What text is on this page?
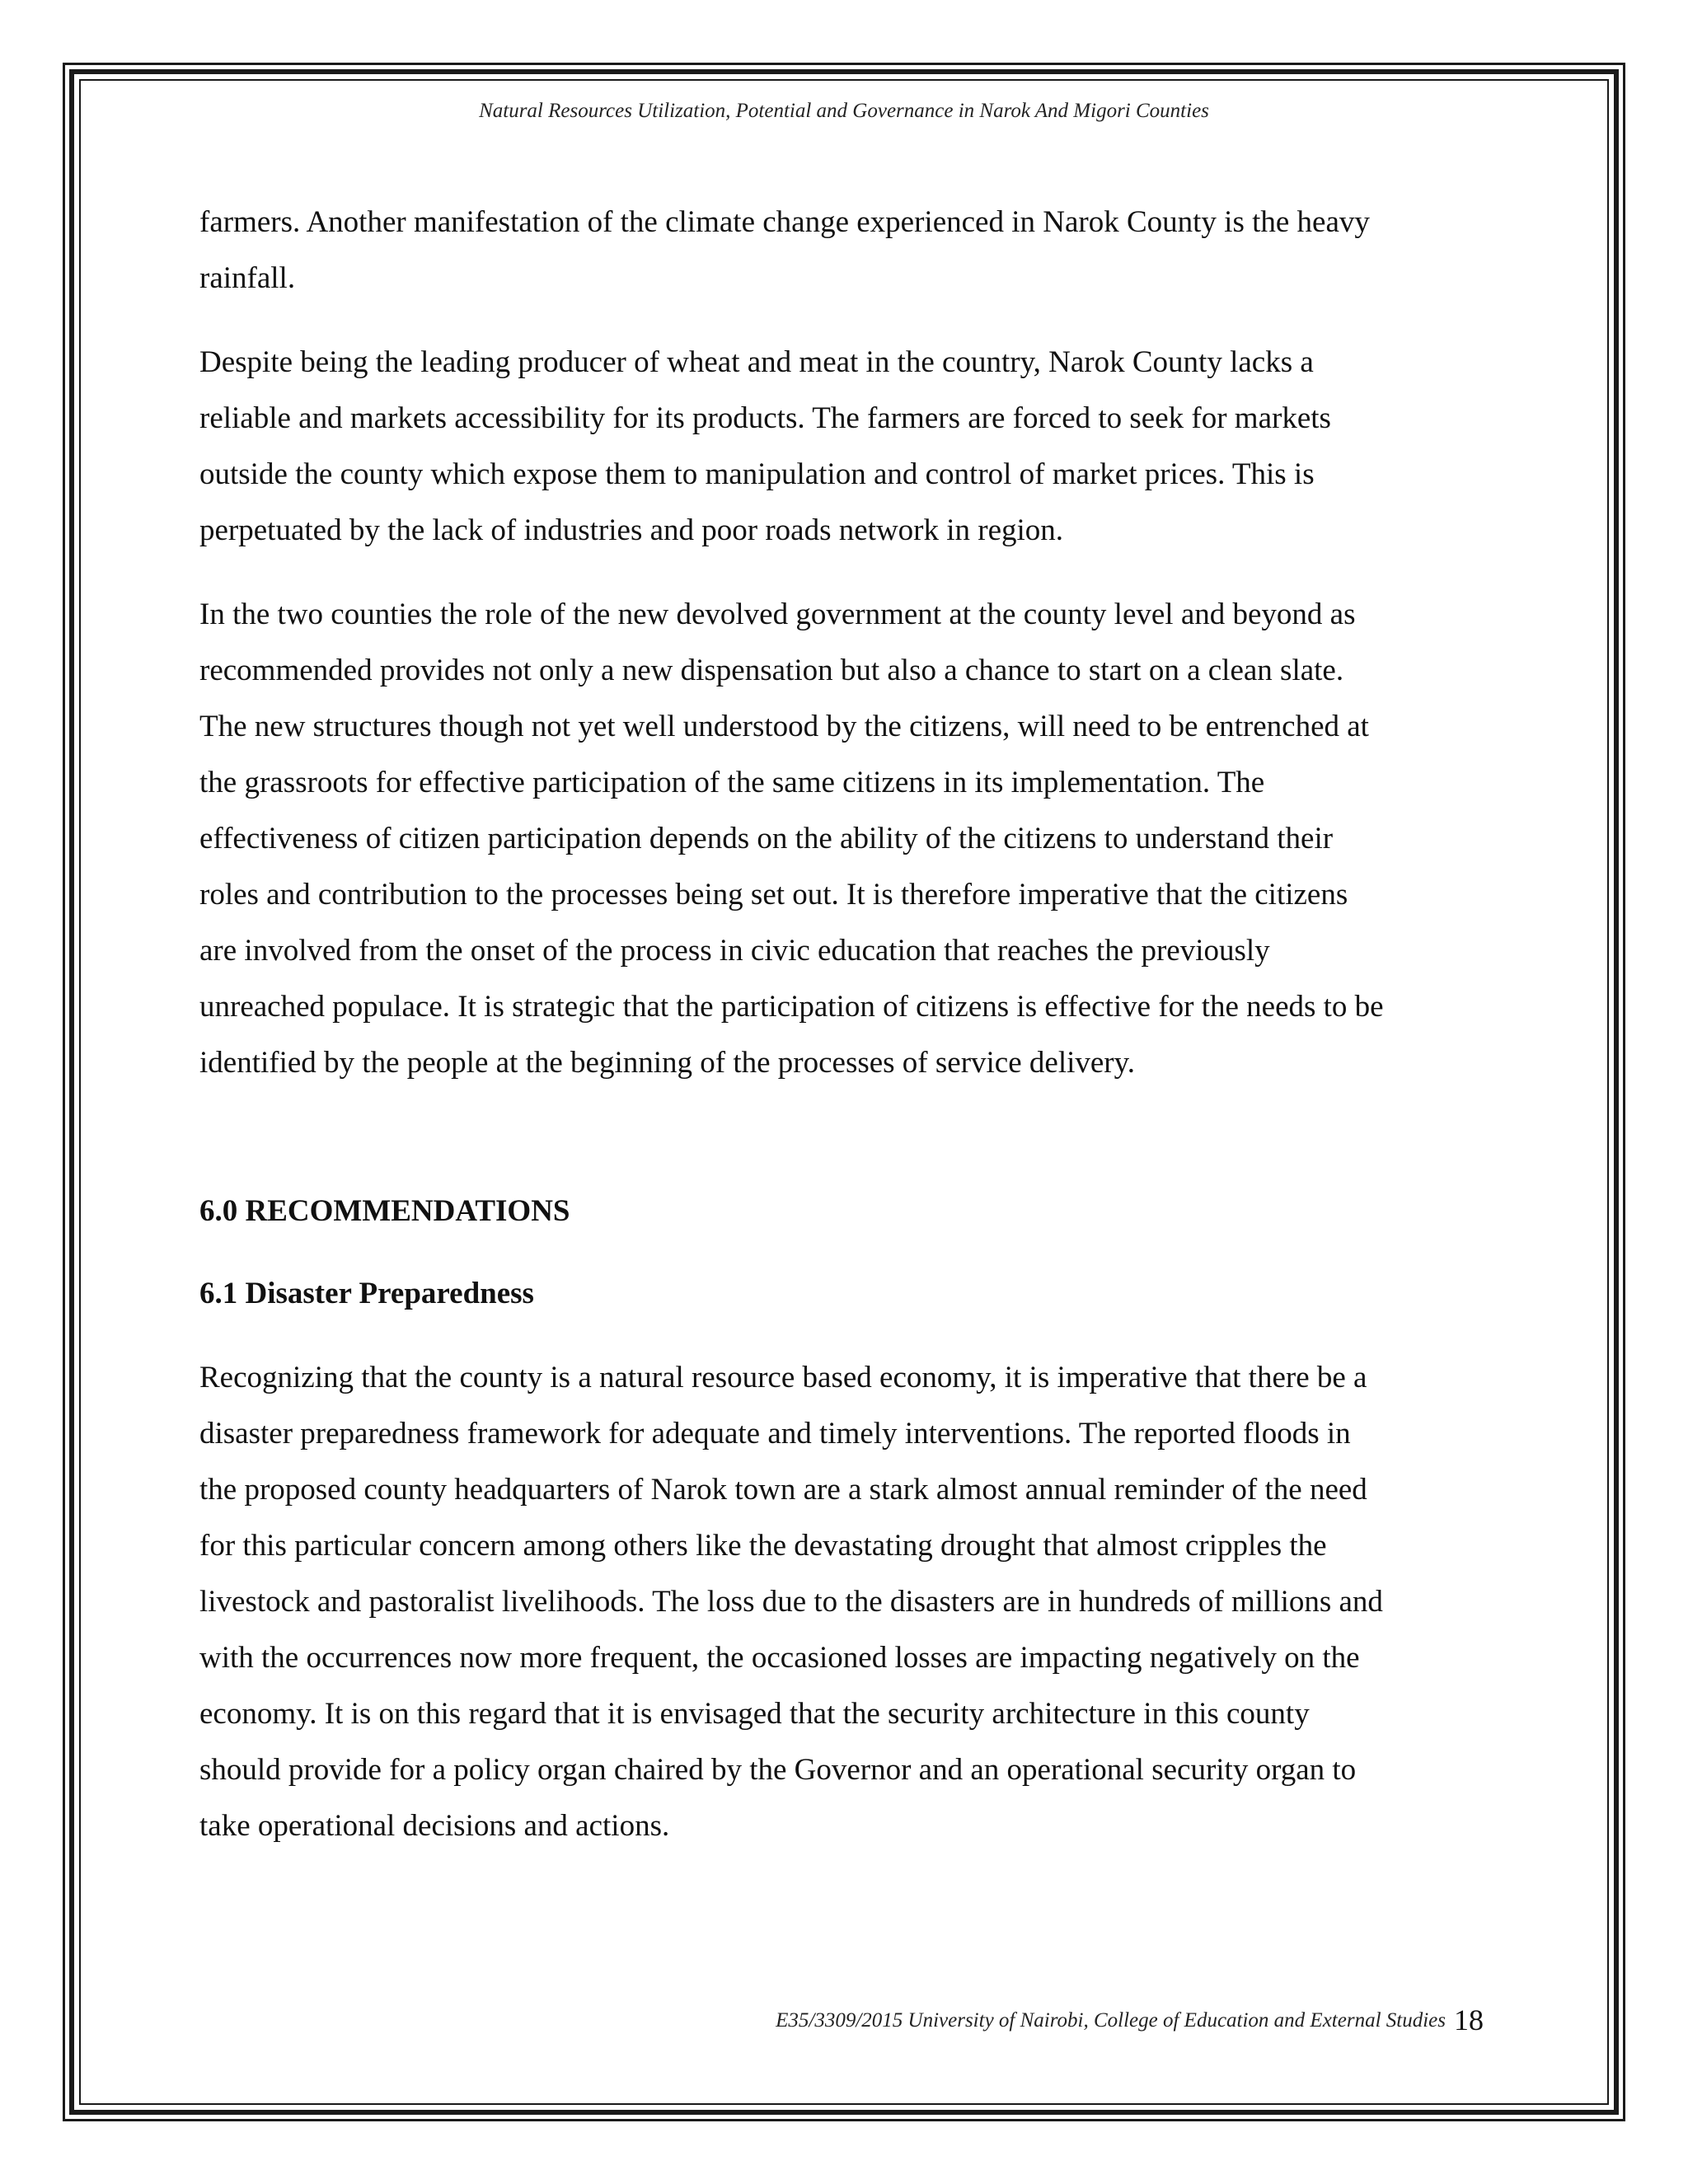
Natural Resources Utilization, Potential and Governance in Narok And Migori Counties
farmers. Another manifestation of the climate change experienced in Narok County is the heavy
rainfall.
Despite being the leading producer of wheat and meat in the country, Narok County lacks a
reliable and markets accessibility for its products. The farmers are forced to seek for markets
outside the county which expose them to manipulation and control of market prices. This is
perpetuated by the lack of industries and poor roads network in region.
In the two counties the role of the new devolved government at the county level and beyond as
recommended provides not only a new dispensation but also a chance to start on a clean slate.
The new structures though not yet well understood by the citizens, will need to be entrenched at
the grassroots for effective participation of the same citizens in its implementation. The
effectiveness of citizen participation depends on the ability of the citizens to understand their
roles and contribution to the processes being set out. It is therefore imperative that the citizens
are involved from the onset of the process in civic education that reaches the previously
unreached populace. It is strategic that the participation of citizens is effective for the needs to be
identified by the people at the beginning of the processes of service delivery.
6.0 RECOMMENDATIONS
6.1 Disaster Preparedness
Recognizing that the county is a natural resource based economy, it is imperative that there be a
disaster preparedness framework for adequate and timely interventions. The reported floods in
the proposed county headquarters of Narok town are a stark almost annual reminder of the need
for this particular concern among others like the devastating drought that almost cripples the
livestock and pastoralist livelihoods. The loss due to the disasters are in hundreds of millions and
with the occurrences now more frequent, the occasioned losses are impacting negatively on the
economy. It is on this regard that it is envisaged that the security architecture in this county
should provide for a policy organ chaired by the Governor and an operational security organ to
take operational decisions and actions.
E35/3309/2015 University of Nairobi, College of Education and External Studies 18
